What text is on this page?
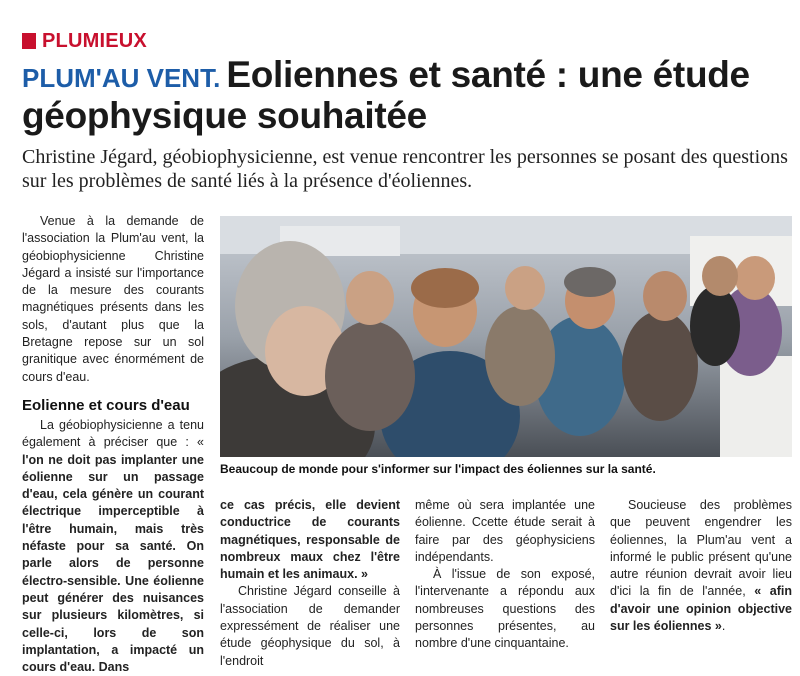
PLUMIEUX
PLUM'AU VENT. Eoliennes et santé : une étude géophysique souhaitée
Christine Jégard, géobiophysicienne, est venue rencontrer les personnes se posant des questions sur les problèmes de santé liés à la présence d'éoliennes.

Venue à la demande de l'association la Plum'au vent, la géobiophysicienne Christine Jégard a insisté sur l'importance de la mesure des courants magnétiques présents dans les sols, d'autant plus que la Bretagne repose sur un sol granitique avec énormément de cours d'eau.

Eolienne et cours d'eau

La géobiophysicienne a tenu également à préciser que : « l'on ne doit pas implanter une éolienne sur un passage d'eau, cela génère un courant électrique imperceptible à l'être humain, mais très néfaste pour sa santé. On parle alors de personne électro-sensible. Une éolienne peut générer des nuisances sur plusieurs kilomètres, si celle-ci, lors de son implantation, a impacté un cours d'eau. Dans

Beaucoup de monde pour s'informer sur l'impact des éoliennes sur la santé.

ce cas précis, elle devient conductrice de courants magnétiques, responsable de nombreux maux chez l'être humain et les animaux. »

Christine Jégard conseille à l'association de demander expressément de réaliser une étude géophysique du sol, à l'endroit

même où sera implantée une éolienne. Ccette étude serait à faire par des géophysiciens indépendants.

À l'issue de son exposé, l'intervenante a répondu aux nombreuses questions des personnes présentes, au nombre d'une cinquantaine.

Soucieuse des problèmes que peuvent engendrer les éoliennes, la Plum'au vent a informé le public présent qu'une autre réunion devrait avoir lieu d'ici la fin de l'année, « afin d'avoir une opinion objective sur les éoliennes ».
